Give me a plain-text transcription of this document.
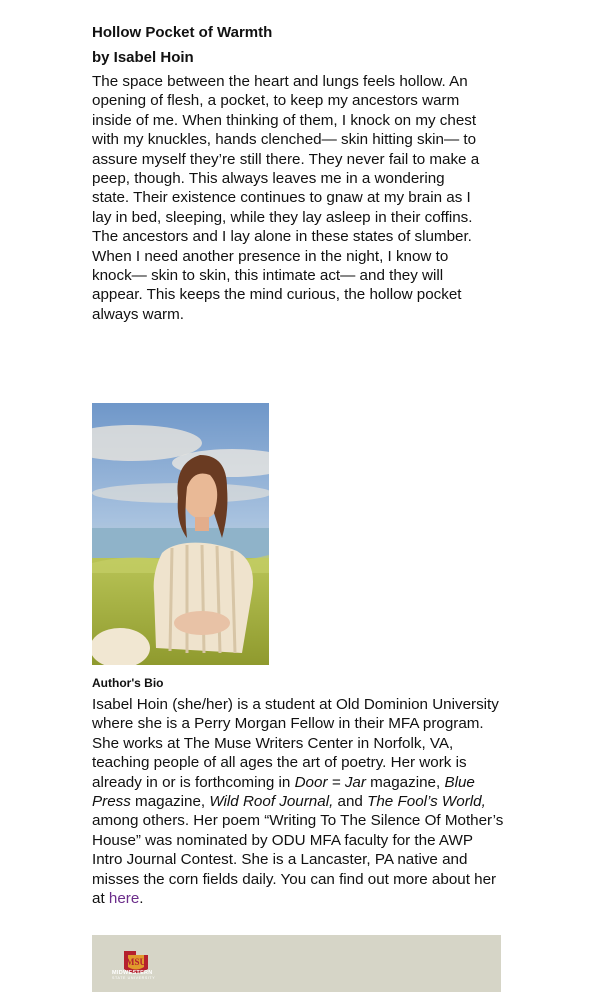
Hollow Pocket of Warmth

by Isabel Hoin

The space between the heart and lungs feels hollow. An
opening of flesh, a pocket, to keep my ancestors warm
inside of me. When thinking of them, I knock on my chest
with my knuckles, hands clenched— skin hitting skin— to
assure myself they’re still there. They never fail to make a
peep, though. This always leaves me in a wondering
state. Their existence continues to gnaw at my brain as I
lay in bed, sleeping, while they lay asleep in their coffins.
The ancestors and I lay alone in these states of slumber.
When I need another presence in the night, I know to
knock— skin to skin, this intimate act— and they will
appear. This keeps the mind curious, the hollow pocket
always warm.

Author's Bio

Isabel Hoin (she/her) is a student at Old Dominion University where she is a Perry Morgan Fellow in their MFA program. She works at The Muse Writers Center in Norfolk, VA, teaching people of all ages the art of poetry. Her work is already in or is forthcoming in Door = Jar magazine, Blue Press magazine, Wild Roof Journal, and The Fool’s World, among others. Her poem “Writing To The Silence Of Mother’s House” was nominated by ODU MFA faculty for the AWP Intro Journal Contest. She is a Lancaster, PA native and misses the corn fields daily. You can find out more about her at here.

MSU
MIDWESTERN
STATE UNIVERSITY
